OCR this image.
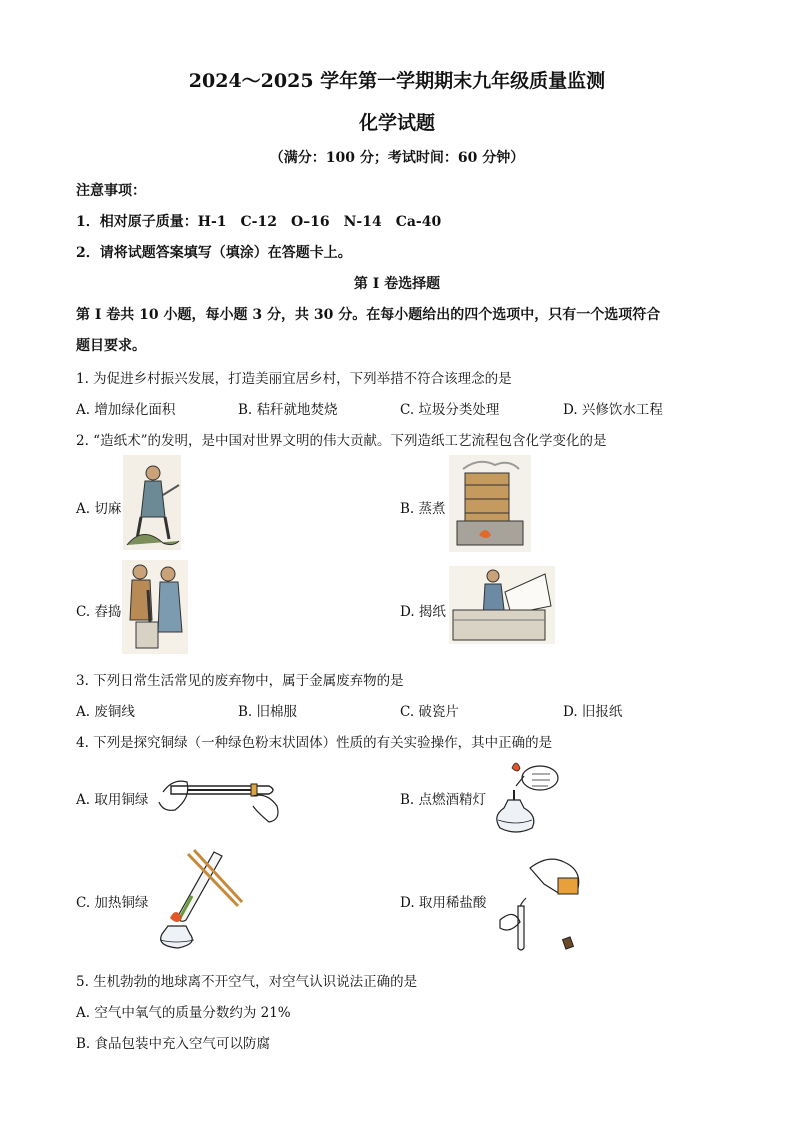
2024～2025 学年第一学期期末九年级质量监测
化学试题
（满分：100 分；考试时间：60 分钟）
注意事项：
1．相对原子质量：H-1　C-12　O–16　N-14　Ca-40
2．请将试题答案填写（填涂）在答题卡上。
第 I 卷选择题
第 I 卷共 10 小题，每小题 3 分，共 30 分。在每小题给出的四个选项中，只有一个选项符合
题目要求。
1. 为促进乡村振兴发展，打造美丽宜居乡村，下列举措不符合该理念的是
A. 增加绿化面积	B. 秸秆就地焚烧	C. 垃圾分类处理	D. 兴修饮水工程
2. “造纸术”的发明，是中国对世界文明的伟大贡献。下列造纸工艺流程包含化学变化的是
A. 切麻	B. 蒸煮
C. 舂捣	D. 揭纸
3. 下列日常生活常见的废弃物中，属于金属废弃物的是
A. 废铜线	B. 旧棉服	C. 破瓷片	D. 旧报纸
4. 下列是探究铜绿（一种绿色粉末状固体）性质的有关实验操作，其中正确的是
A. 取用铜绿	B. 点燃酒精灯
C. 加热铜绿	D. 取用稀盐酸
5. 生机勃勃的地球离不开空气，对空气认识说法正确的是
A. 空气中氧气的质量分数约为 21%
B. 食品包装中充入空气可以防腐
